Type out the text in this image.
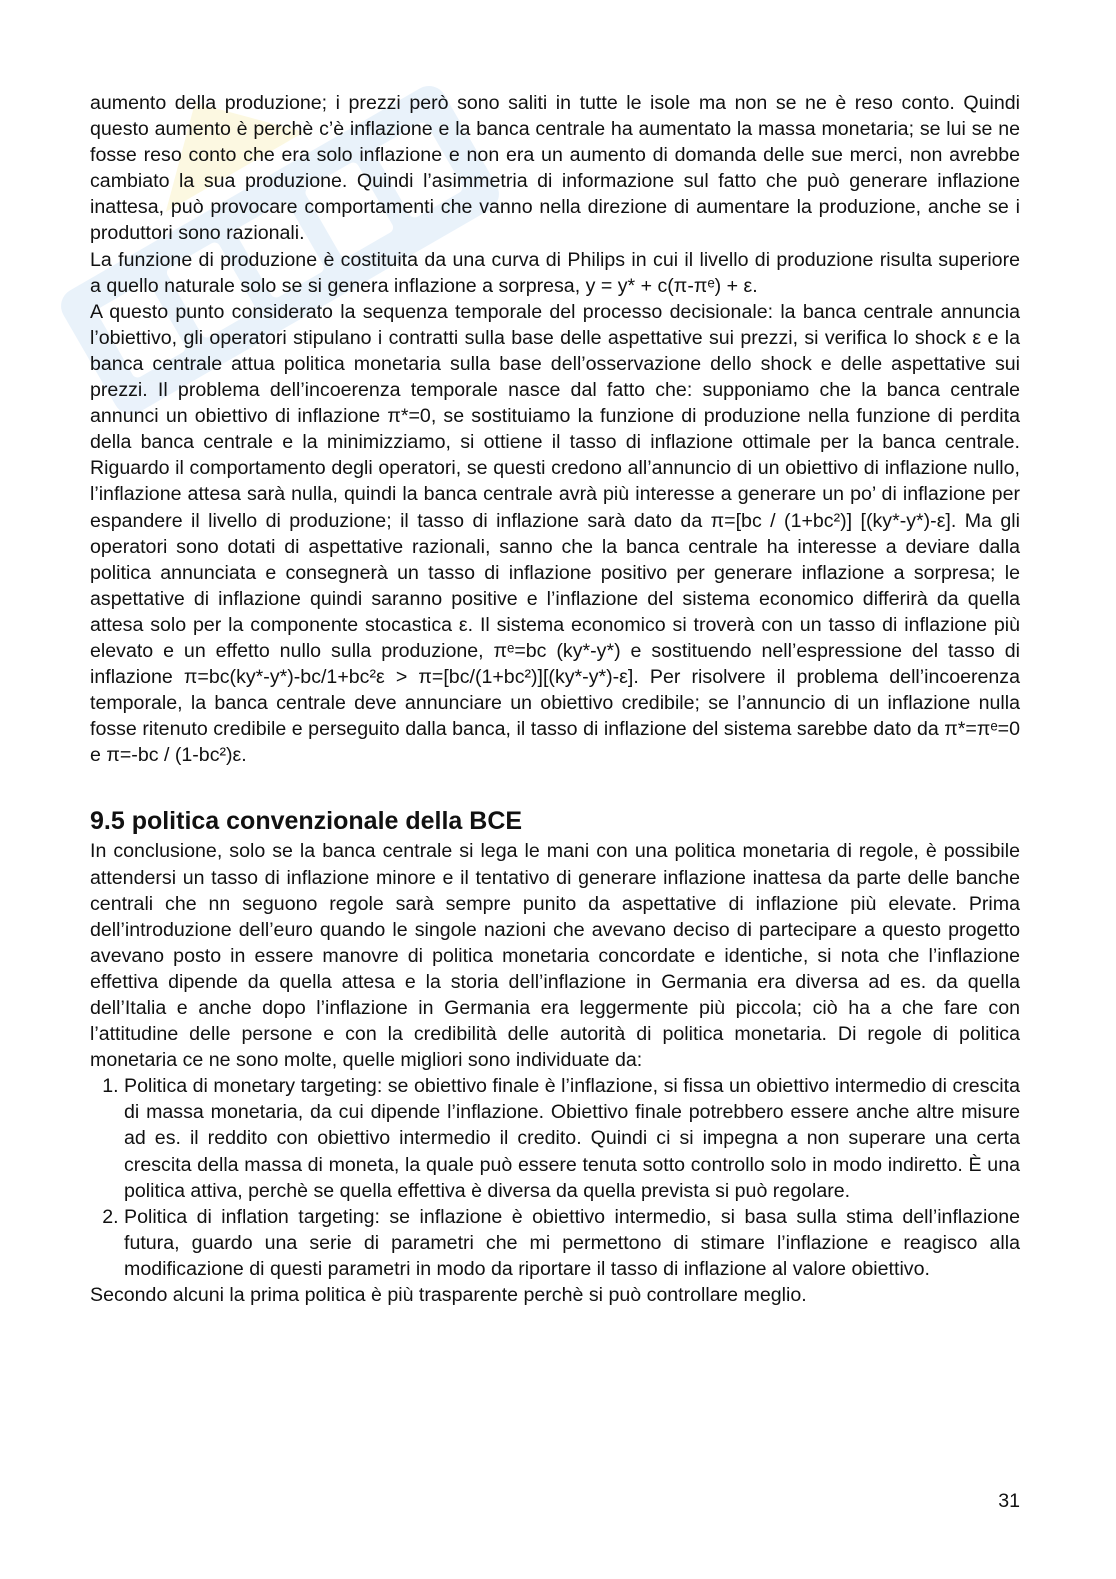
aumento della produzione; i prezzi però sono saliti in tutte le isole ma non se ne è reso conto. Quindi questo aumento è perchè c’è inflazione e la banca centrale ha aumentato la massa monetaria; se lui se ne fosse reso conto che era solo inflazione e non era un aumento di domanda delle sue merci, non avrebbe cambiato la sua produzione. Quindi l’asimmetria di informazione sul fatto che può generare inflazione inattesa, può provocare comportamenti che vanno nella direzione di aumentare la produzione, anche se i produttori sono razionali.

La funzione di produzione è costituita da una curva di Philips in cui il livello di produzione risulta superiore a quello naturale solo se si genera inflazione a sorpresa, y = y* + c(π-πᵉ) + ε.

A questo punto considerato la sequenza temporale del processo decisionale: la banca centrale annuncia l’obiettivo, gli operatori stipulano i contratti sulla base delle aspettative sui prezzi, si verifica lo shock ε e la banca centrale attua politica monetaria sulla base dell’osservazione dello shock e delle aspettative sui prezzi. Il problema dell’incoerenza temporale nasce dal fatto che: supponiamo che la banca centrale annunci un obiettivo di inflazione π*=0, se sostituiamo la funzione di produzione nella funzione di perdita della banca centrale e la minimizziamo, si ottiene il tasso di inflazione ottimale per la banca centrale. Riguardo il comportamento degli operatori, se questi credono all’annuncio di un obiettivo di inflazione nullo, l’inflazione attesa sarà nulla, quindi la banca centrale avrà più interesse a generare un po’ di inflazione per espandere il livello di produzione; il tasso di inflazione sarà dato da π=[bc / (1+bc²)] [(ky*-y*)-ε]. Ma gli operatori sono dotati di aspettative razionali, sanno che la banca centrale ha interesse a deviare dalla politica annunciata e consegnerà un tasso di inflazione positivo per generare inflazione a sorpresa; le aspettative di inflazione quindi saranno positive e l’inflazione del sistema economico differirà da quella attesa solo per la componente stocastica ε. Il sistema economico si troverà con un tasso di inflazione più elevato e un effetto nullo sulla produzione, πᵉ=bc (ky*-y*) e sostituendo nell’espressione del tasso di inflazione π=bc(ky*-y*)-bc/1+bc²ε > π=[bc/(1+bc²)][(ky*-y*)-ε]. Per risolvere il problema dell’incoerenza temporale, la banca centrale deve annunciare un obiettivo credibile; se l’annuncio di un inflazione nulla fosse ritenuto credibile e perseguito dalla banca, il tasso di inflazione del sistema sarebbe dato da π*=πᵉ=0 e π=-bc / (1-bc²)ε.

9.5 politica convenzionale della BCE

In conclusione, solo se la banca centrale si lega le mani con una politica monetaria di regole, è possibile attendersi un tasso di inflazione minore e il tentativo di generare inflazione inattesa da parte delle banche centrali che nn seguono regole sarà sempre punito da aspettative di inflazione più elevate. Prima dell’introduzione dell’euro quando le singole nazioni che avevano deciso di partecipare a questo progetto avevano posto in essere manovre di politica monetaria concordate e identiche, si nota che l’inflazione effettiva dipende da quella attesa e la storia dell’inflazione in Germania era diversa ad es. da quella dell’Italia e anche dopo l’inflazione in Germania era leggermente più piccola; ciò ha a che fare con l’attitudine delle persone e con la credibilità delle autorità di politica monetaria. Di regole di politica monetaria ce ne sono molte, quelle migliori sono individuate da:

1. Politica di monetary targeting: se obiettivo finale è l’inflazione, si fissa un obiettivo intermedio di crescita di massa monetaria, da cui dipende l’inflazione. Obiettivo finale potrebbero essere anche altre misure ad es. il reddito con obiettivo intermedio il credito. Quindi ci si impegna a non superare una certa crescita della massa di moneta, la quale può essere tenuta sotto controllo solo in modo indiretto. È una politica attiva, perchè se quella effettiva è diversa da quella prevista si può regolare.
2. Politica di inflation targeting: se inflazione è obiettivo intermedio, si basa sulla stima dell’inflazione futura, guardo una serie di parametri che mi permettono di stimare l’inflazione e reagisco alla modificazione di questi parametri in modo da riportare il tasso di inflazione al valore obiettivo.

Secondo alcuni la prima politica è più trasparente perchè si può controllare meglio.

31
